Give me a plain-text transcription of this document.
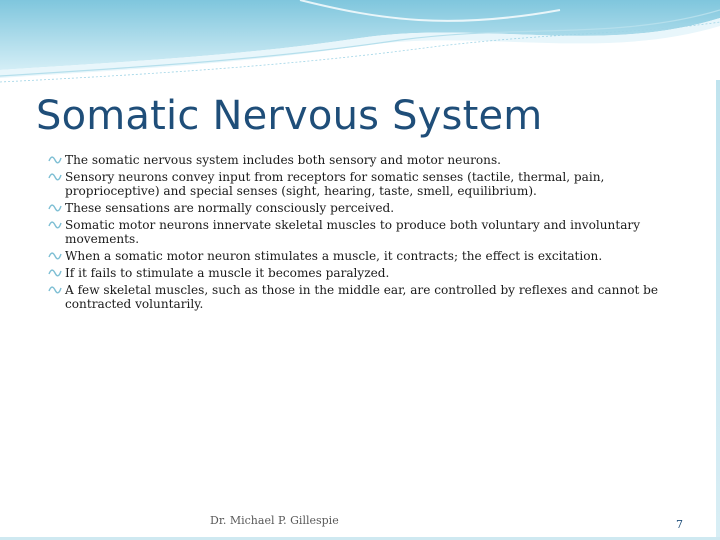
Somatic Nervous System
The somatic nervous system includes both sensory and motor neurons.
Sensory neurons convey input from receptors for somatic senses (tactile, thermal, pain, proprioceptive) and special senses (sight, hearing, taste, smell, equilibrium).
These sensations are normally consciously perceived.
Somatic motor neurons innervate skeletal muscles to produce both voluntary and involuntary movements.
When a somatic motor neuron stimulates a muscle, it contracts; the effect is excitation.
If it fails to stimulate a muscle it becomes paralyzed.
A few skeletal muscles, such as those in the middle ear, are controlled by reflexes and cannot be contracted voluntarily.
Dr. Michael P. Gillespie	7
